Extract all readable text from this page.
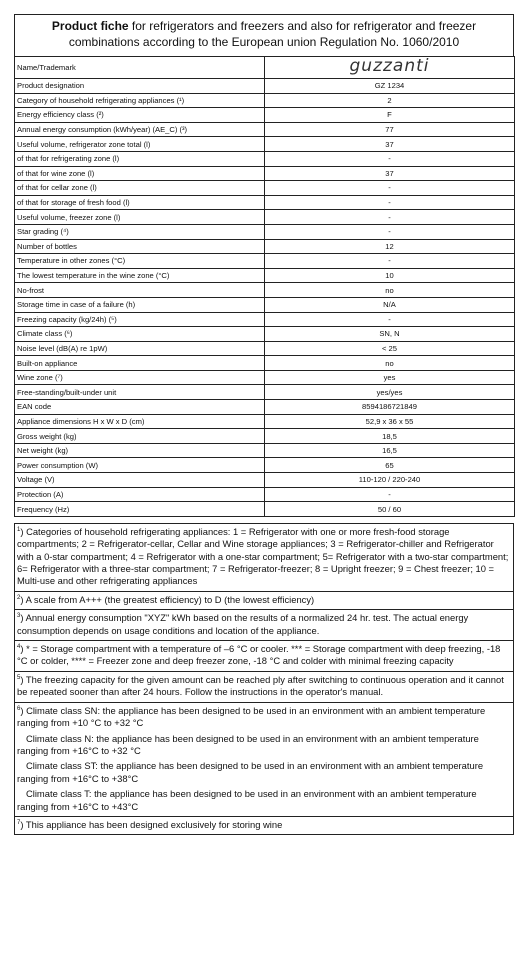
Product fiche for refrigerators and freezers and also for refrigerator and freezer
combinations according to the European union Regulation No. 1060/2010
Name/Trademark	guzzanti
Product designation	GZ 1234
Category of household refrigerating appliances (¹)	2
Energy efficiency class (²)	F
Annual energy consumption (kWh/year) (AE_C) (³)	77
Useful volume, refrigerator zone total (l)	37
of that for refrigerating zone (l)	-
of that for wine zone (l)	37
of that for cellar zone (l)	-
of that for storage of fresh food (l)	-
Useful volume, freezer zone (l)	-
Star grading (⁴)	-
Number of bottles	12
Temperature in other zones (°C)	-
The lowest temperature in the wine zone (°C)	10
No-frost	no
Storage time in case of a failure (h)	N/A
Freezing capacity (kg/24h) (⁵)	-
Climate class (⁶)	SN, N
Noise level (dB(A) re 1pW)	< 25
Built-on appliance	no
Wine zone (⁷)	yes
Free-standing/built-under unit	yes/yes
EAN code	8594186721849
Appliance dimensions H x W x D (cm)	52,9 x 36 x 55
Gross weight (kg)	18,5
Net weight (kg)	16,5
Power consumption (W)	65
Voltage (V)	110-120 / 220-240
Protection (A)	-
Frequency (Hz)	50 / 60

$^1$) Categories of household refrigerating appliances: 1 = Refrigerator with one or more fresh-food storage compartments; 2 = Refrigerator-cellar, Cellar and Wine storage appliances; 3 = Refrigerator-chiller and Refrigerator with a 0-star compartment; 4 = Refrigerator with a one-star compartment; 5= Refrigerator with a two-star compartment; 6= Refrigerator with a three-star compartment; 7 = Refrigerator-freezer; 8 = Upright freezer; 9 = Chest freezer; 10 = Multi-use and other refrigerating appliances

$^2$) A scale from A+++ (the greatest efficiency) to D (the lowest efficiency)

$^3$) Annual energy consumption "XYZ" kWh based on the results of a normalized 24 hr. test. The actual energy consumption depends on usage conditions and location of the appliance.

$^4$) * = Storage compartment with a temperature of –6 °C or cooler. *** = Storage compartment with deep freezing, -18 °C or colder, **** = Freezer zone and deep freezer zone, -18 °C and colder with minimal freezing capacity

$^5$) The freezing capacity for the given amount can be reached ply after switching to continuous operation and it cannot be repeated sooner than after 24 hours. Follow the instructions in the operator's manual.

$^6$) Climate class SN: the appliance has been designed to be used in an environment with an ambient temperature ranging from +10 °C to +32 °C

Climate class N: the appliance has been designed to be used in an environment with an ambient temperature ranging from +16°C to +32 °C

Climate class ST: the appliance has been designed to be used in an environment with an ambient temperature ranging from +16°C to +38°C

Climate class T: the appliance has been designed to be used in an environment with an ambient temperature ranging from +16°C to +43°C

$^7$) This appliance has been designed exclusively for storing wine
